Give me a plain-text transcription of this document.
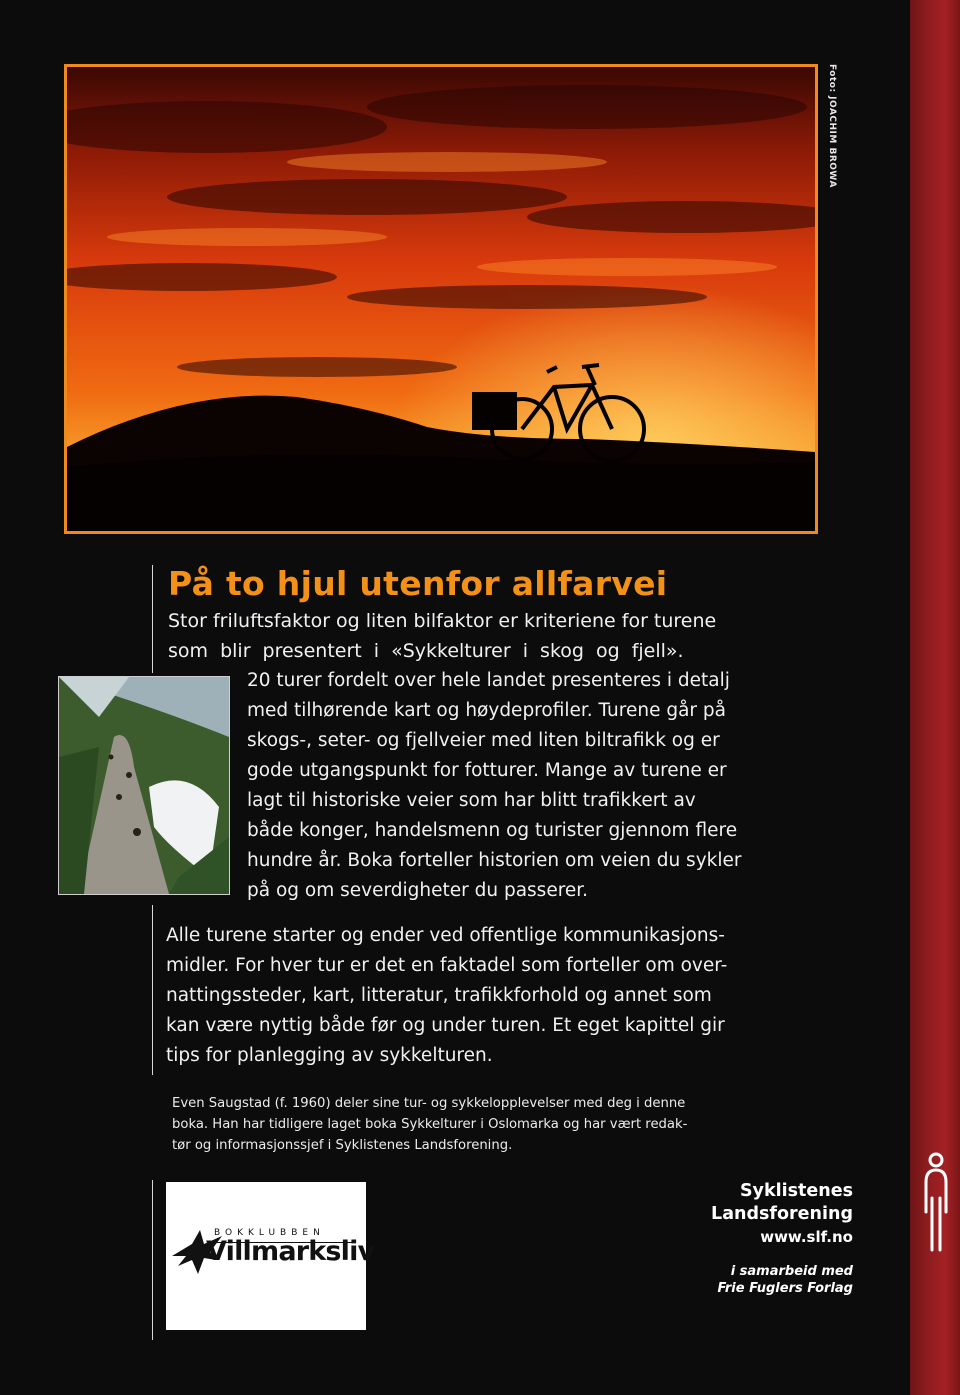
Foto: JOACHIM BROWA
På to hjul utenfor allfarvei
Stor friluftsfaktor og liten bilfaktor er kriteriene for turene
som blir presentert i «Sykkelturer i skog og fjell».
20 turer fordelt over hele landet presenteres i detalj
med tilhørende kart og høydeprofiler. Turene går på
skogs-, seter- og fjellveier med liten biltrafikk og er
gode utgangspunkt for fotturer. Mange av turene er
lagt til historiske veier som har blitt trafikkert av
både konger, handelsmenn og turister gjennom flere
hundre år. Boka forteller historien om veien du sykler
på og om severdigheter du passerer.
Alle turene starter og ender ved offentlige kommunikasjons-
midler. For hver tur er det en faktadel som forteller om over-
nattingssteder, kart, litteratur, trafikkforhold og annet som
kan være nyttig både før og under turen. Et eget kapittel gir
tips for planlegging av sykkelturen.
Even Saugstad (f. 1960) deler sine tur- og sykkelopplevelser med deg i denne
boka. Han har tidligere laget boka Sykkelturer i Oslomarka og har vært redak-
tør og informasjonssjef i Syklistenes Landsforening.
BOKKLUBBEN
Villmarksliv
Syklistenes
Landsforening
www.slf.no
i samarbeid med
Frie Fuglers Forlag
